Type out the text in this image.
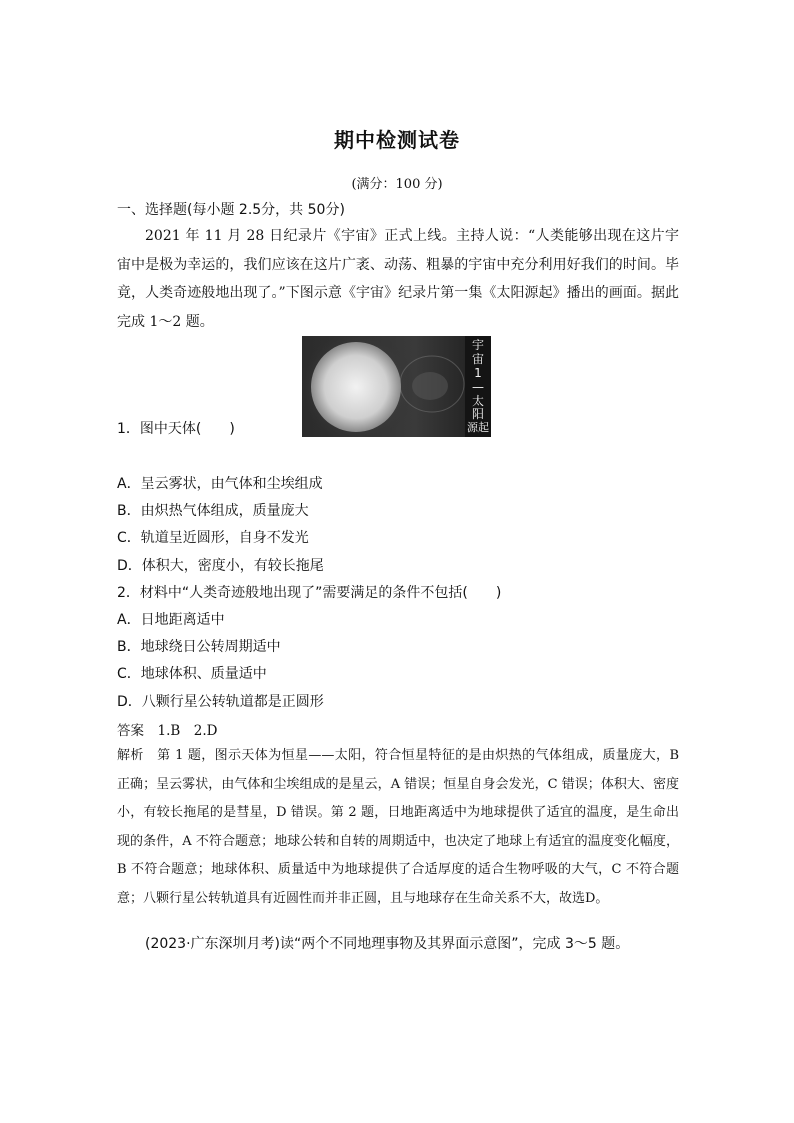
期中检测试卷
(满分：100 分)
一、选择题(每小题 2.5分，共 50分)
2021 年 11 月 28 日纪录片《宇宙》正式上线。主持人说：“人类能够出现在这片宇宙中是极为幸运的，我们应该在这片广袤、动荡、粗暴的宇宙中充分利用好我们的时间。毕竟，人类奇迹般地出现了。”下图示意《宇宙》纪录片第一集《太阳源起》播出的画面。据此完成 1～2 题。
宇
宙
1
—
太
阳
源起
1．图中天体(　　)
A．呈云雾状，由气体和尘埃组成
B．由炽热气体组成，质量庞大
C．轨道呈近圆形，自身不发光
D．体积大，密度小，有较长拖尾
2．材料中“人类奇迹般地出现了”需要满足的条件不包括(　　)
A．日地距离适中
B．地球绕日公转周期适中
C．地球体积、质量适中
D．八颗行星公转轨道都是正圆形
答案　1.B　2.D
解析　第 1 题，图示天体为恒星——太阳，符合恒星特征的是由炽热的气体组成，质量庞大，B 正确；呈云雾状，由气体和尘埃组成的是星云，A 错误；恒星自身会发光，C 错误；体积大、密度小，有较长拖尾的是彗星，D 错误。第 2 题，日地距离适中为地球提供了适宜的温度，是生命出现的条件，A 不符合题意；地球公转和自转的周期适中，也决定了地球上有适宜的温度变化幅度，B 不符合题意；地球体积、质量适中为地球提供了合适厚度的适合生物呼吸的大气，C 不符合题意；八颗行星公转轨道具有近圆性而并非正圆，且与地球存在生命关系不大，故选D。
(2023·广东深圳月考)读“两个不同地理事物及其界面示意图”，完成 3～5 题。
